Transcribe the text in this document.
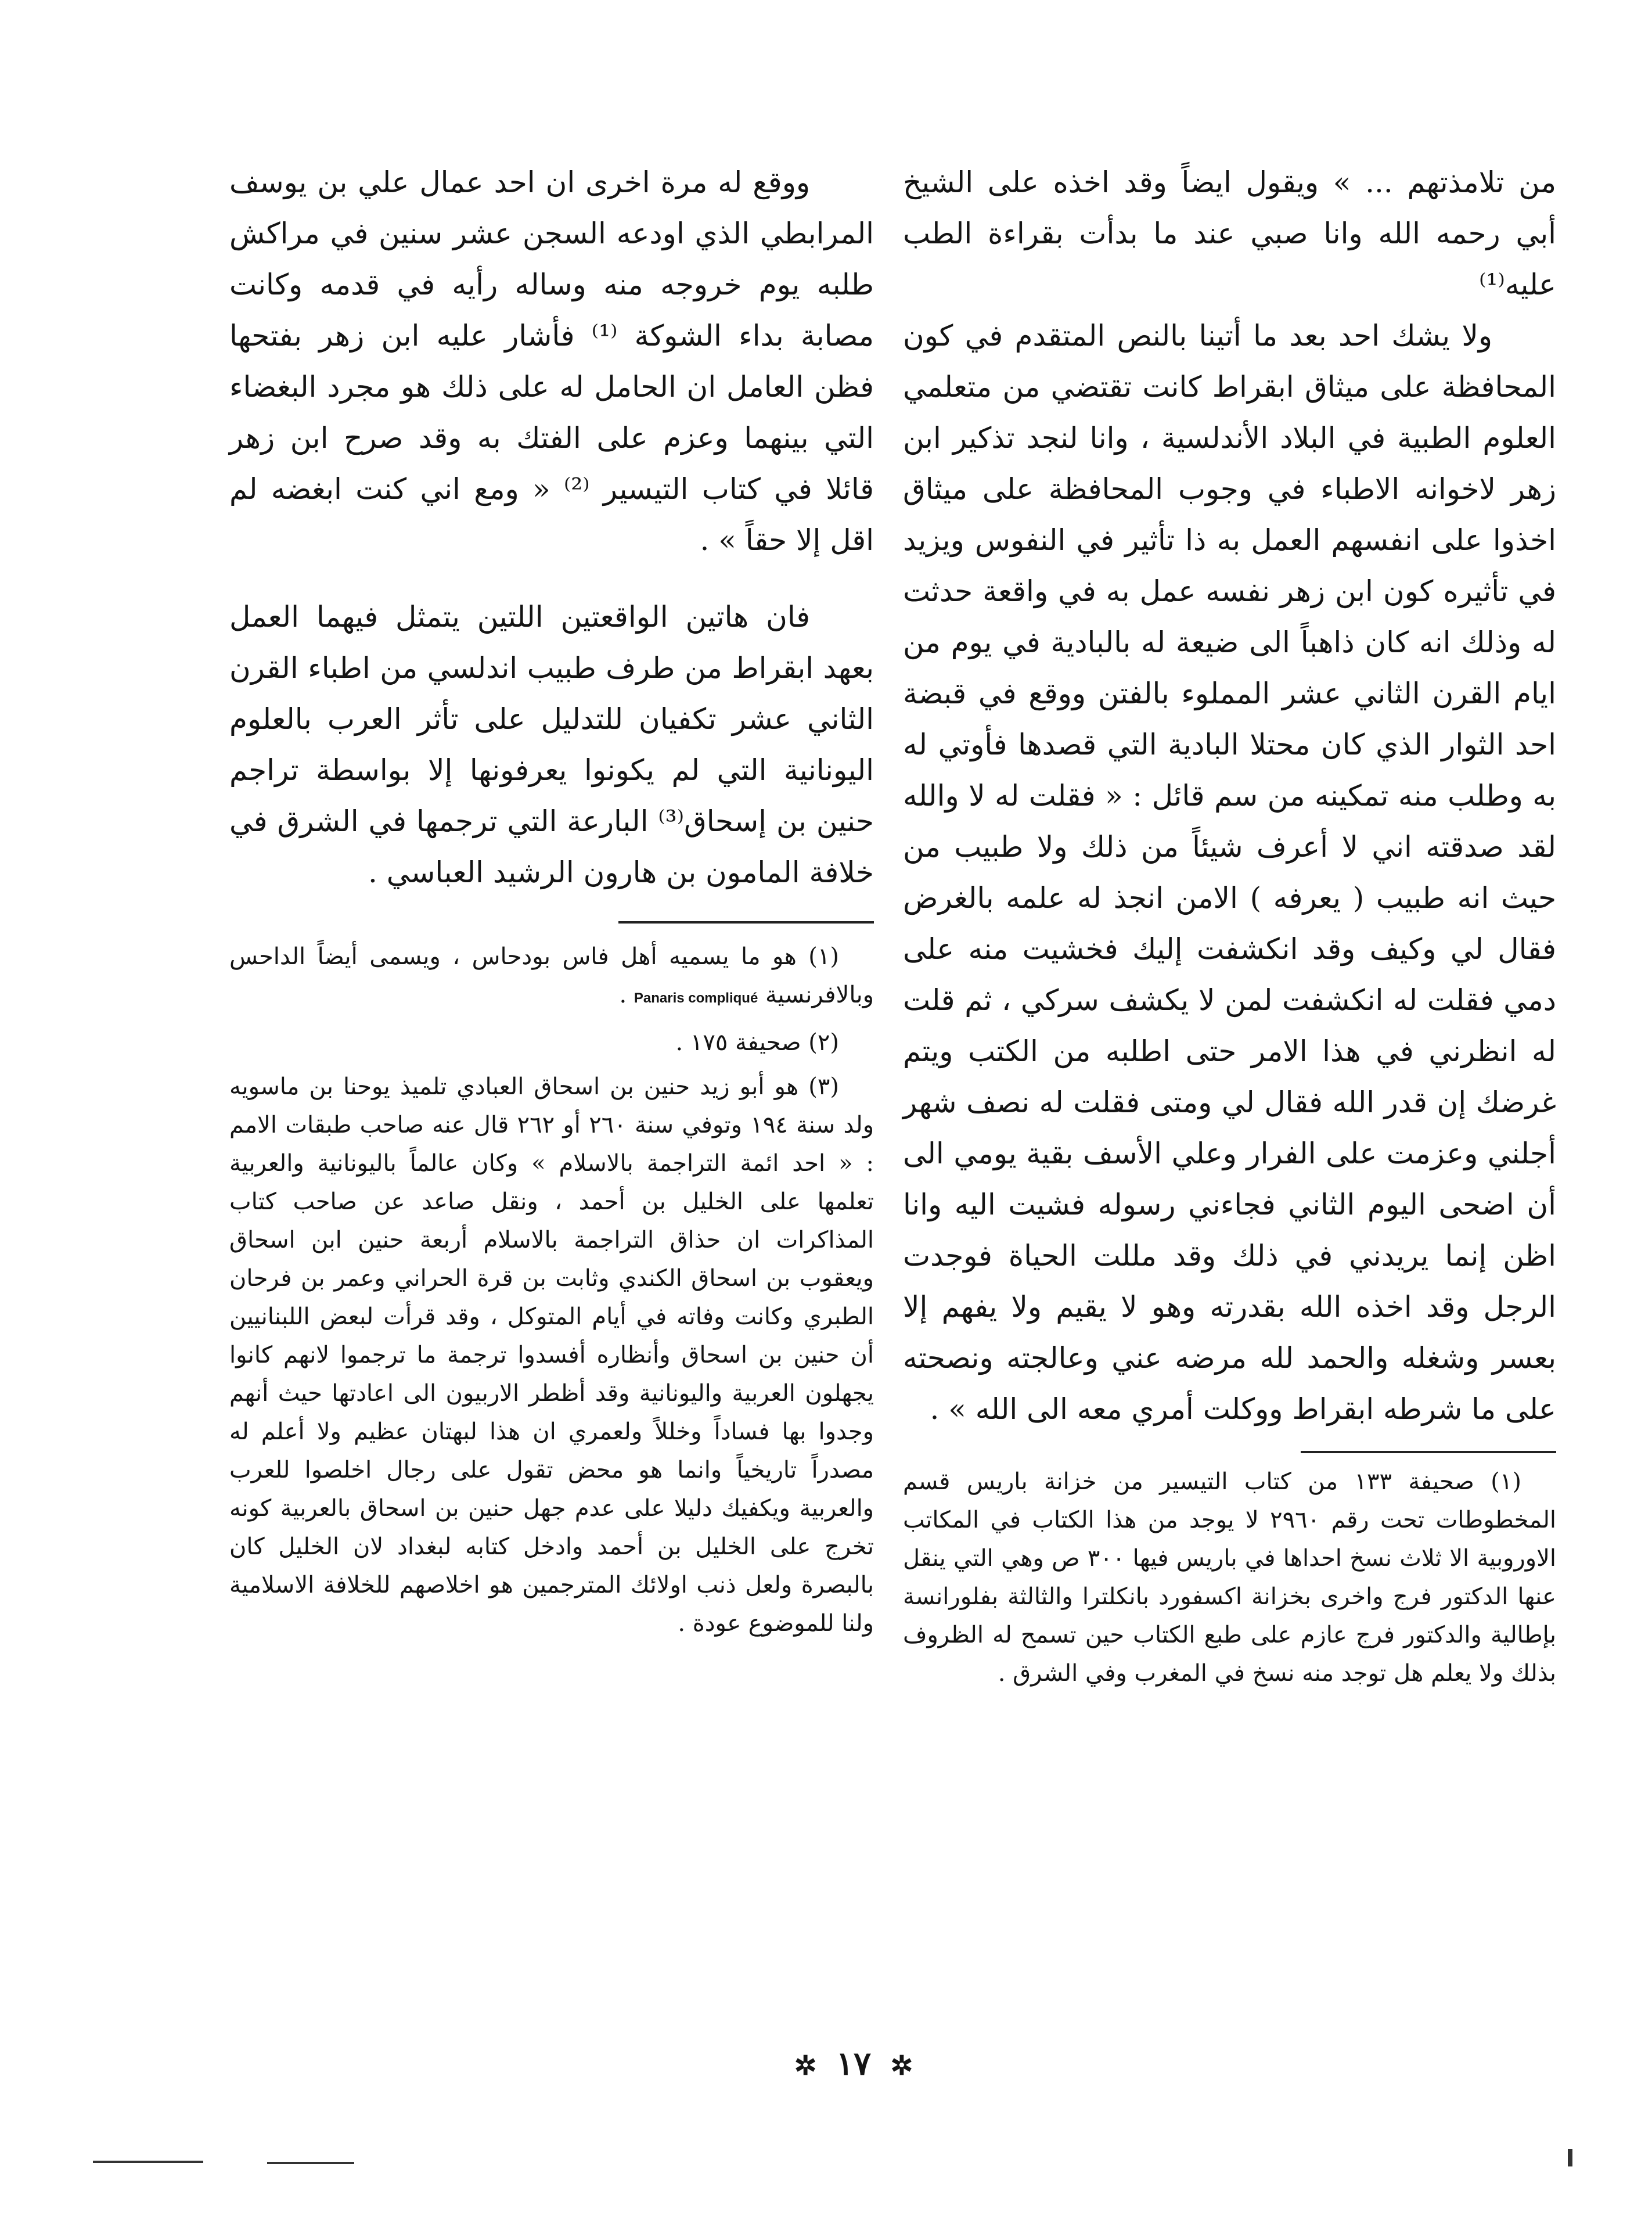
من تلامذتهم ... » ويقول ايضاً وقد اخذه على الشيخ أبي رحمه الله وانا صبي عند ما بدأت بقراءة الطب عليه⁽¹⁾

ولا يشك احد بعد ما أتينا بالنص المتقدم في كون المحافظة على ميثاق ابقراط كانت تقتضي من متعلمي العلوم الطبية في البلاد الأندلسية ، وانا لنجد تذكير ابن زهر لاخوانه الاطباء في وجوب المحافظة على ميثاق اخذوا على انفسهم العمل به ذا تأثير في النفوس ويزيد في تأثيره كون ابن زهر نفسه عمل به في واقعة حدثت له وذلك انه كان ذاهباً الى ضيعة له بالبادية في يوم من ايام القرن الثاني عشر المملوء بالفتن ووقع في قبضة احد الثوار الذي كان محتلا البادية التي قصدها فأوتي له به وطلب منه تمكينه من سم قائل : « فقلت له لا والله لقد صدقته اني لا أعرف شيئاً من ذلك ولا طبيب من حيث انه طبيب ( يعرفه ) الامن انجذ له علمه بالغرض فقال لي وكيف وقد انكشفت إليك فخشيت منه على دمي فقلت له انكشفت لمن لا يكشف سركي ، ثم قلت له انظرني في هذا الامر حتى اطلبه من الكتب ويتم غرضك إن قدر الله فقال لي ومتى فقلت له نصف شهر أجلني وعزمت على الفرار وعلي الأسف بقية يومي الى أن اضحى اليوم الثاني فجاءني رسوله فشيت اليه وانا اظن إنما يريدني في ذلك وقد مللت الحياة فوجدت الرجل وقد اخذه الله بقدرته وهو لا يقيم ولا يفهم إلا بعسر وشغله والحمد لله مرضه عني وعالجته ونصحته على ما شرطه ابقراط ووكلت أمري معه الى الله » .

(١) صحيفة ١٣٣ من كتاب التيسير من خزانة باريس قسم المخطوطات تحت رقم ٢٩٦٠ لا يوجد من هذا الكتاب في المكاتب الاوروبية الا ثلاث نسخ احداها في باريس فيها ٣٠٠ ص وهي التي ينقل عنها الدكتور فرج واخرى بخزانة اكسفورد بانكلترا والثالثة بفلورانسة بإطالية والدكتور فرج عازم على طبع الكتاب حين تسمح له الظروف بذلك ولا يعلم هل توجد منه نسخ في المغرب وفي الشرق .

ووقع له مرة اخرى ان احد عمال علي بن يوسف المرابطي الذي اودعه السجن عشر سنين في مراكش طلبه يوم خروجه منه وساله رأيه في قدمه وكانت مصابة بداء الشوكة ⁽¹⁾ فأشار عليه ابن زهر بفتحها فظن العامل ان الحامل له على ذلك هو مجرد البغضاء التي بينهما وعزم على الفتك به وقد صرح ابن زهر قائلا في كتاب التيسير ⁽²⁾ « ومع اني كنت ابغضه لم اقل إلا حقاً » .

فان هاتين الواقعتين اللتين يتمثل فيهما العمل بعهد ابقراط من طرف طبيب اندلسي من اطباء القرن الثاني عشر تكفيان للتدليل على تأثر العرب بالعلوم اليونانية التي لم يكونوا يعرفونها إلا بواسطة تراجم حنين بن إسحاق⁽³⁾ البارعة التي ترجمها في الشرق في خلافة المامون بن هارون الرشيد العباسي .

(١) هو ما يسميه أهل فاس بودحاس ، ويسمى أيضاً الداحس وبالافرنسية Panaris compliqué .

(٢) صحيفة ١٧٥ .

(٣) هو أبو زيد حنين بن اسحاق العبادي تلميذ يوحنا بن ماسويه ولد سنة ١٩٤ وتوفي سنة ٢٦٠ أو ٢٦٢ قال عنه صاحب طبقات الامم : « احد ائمة التراجمة بالاسلام » وكان عالماً باليونانية والعربية تعلمها على الخليل بن أحمد ، ونقل صاعد عن صاحب كتاب المذاكرات ان حذاق التراجمة بالاسلام أربعة حنين ابن اسحاق ويعقوب بن اسحاق الكندي وثابت بن قرة الحراني وعمر بن فرحان الطبري وكانت وفاته في أيام المتوكل ، وقد قرأت لبعض اللبنانيين أن حنين بن اسحاق وأنظاره أفسدوا ترجمة ما ترجموا لانهم كانوا يجهلون العربية واليونانية وقد أظطر الاربيون الى اعادتها حيث أنهم وجدوا بها فساداً وخللاً ولعمري ان هذا لبهتان عظيم ولا أعلم له مصدراً تاريخياً وانما هو محض تقول على رجال اخلصوا للعرب والعربية ويكفيك دليلا على عدم جهل حنين بن اسحاق بالعربية كونه تخرج على الخليل بن أحمد وادخل كتابه لبغداد لان الخليل كان بالبصرة ولعل ذنب اولائك المترجمين هو اخلاصهم للخلافة الاسلامية ولنا للموضوع عودة .

✲ ١٧ ✲
